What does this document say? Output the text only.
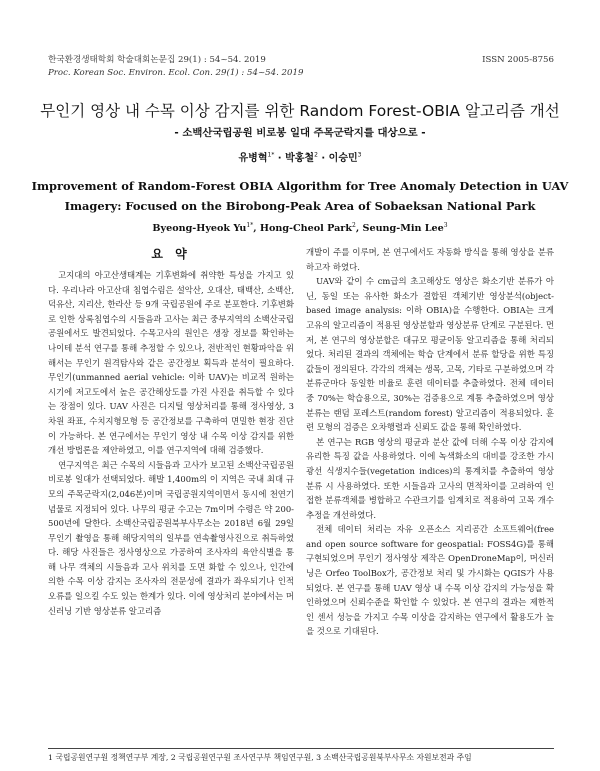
한국환경생태학회 학술대회논문집 29(1) : 54~54. 2019
Proc. Korean Soc. Environ. Ecol. Con. 29(1) : 54~54. 2019
ISSN 2005-8756
무인기 영상 내 수목 이상 감지를 위한 Random Forest-OBIA 알고리즘 개선
- 소백산국립공원 비로봉 일대 주목군락지를 대상으로 -
유병혁$^{1*}$ · 박홍철$^2$ · 이승민$^3$
Improvement of Random-Forest OBIA Algorithm for Tree Anomaly Detection in UAV
Imagery: Focused on the Birobong-Peak Area of Sobaeksan National Park
Byeong-Hyeok $Yu^{1*}$, Hong-Cheol Park$^2$, Seung-Min Lee$^3$
요 약

고지대의 아고산생태계는 기후변화에 취약한 특성을 가지고 있다. 우리나라 아고산대 침엽수림은 설악산, 오대산, 태백산, 소백산, 덕유산, 지리산, 한라산 등 9개 국립공원에 주로 분포한다. 기후변화로 인한 상록침엽수의 시들음과 고사는 최근 중부지역의 소백산국립공원에서도 발견되었다. 수목고사의 원인은 생장 정보를 확인하는 나이테 분석 연구를 통해 추정할 수 있으나, 전반적인 현황파악을 위해서는 무인기 원격탐사와 같은 공간정보 획득과 분석이 필요하다. 무인기(unmanned aerial vehicle: 이하 UAV)는 비교적 원하는 시기에 저고도에서 높은 공간해상도를 가진 사진을 취득할 수 있다는 장점이 있다. UAV 사진은 디지털 영상처리를 통해 정사영상, 3차원 좌표, 수치지형모형 등 공간정보를 구축하여 면밀한 현장 진단이 가능하다. 본 연구에서는 무인기 영상 내 수목 이상 감지를 위한 개선 방법론을 제안하였고, 이를 연구지역에 대해 검증했다.

연구지역은 최근 수목의 시들음과 고사가 보고된 소백산국립공원 비로봉 일대가 선택되었다. 해발 1,400m의 이 지역은 국내 최대 규모의 주목군락지(2,046본)이며 국립공원지역이면서 동시에 천연기념물로 지정되어 있다. 나무의 평균 수고는 7m이며 수령은 약 200-500년에 달한다. 소백산국립공원북부사무소는 2018년 6월 29일 무인기 촬영을 통해 해당지역의 일부를 연속촬영사진으로 취득하였다. 해당 사진들은 정사영상으로 가공하여 조사자의 육안식별을 통해 나무 객체의 시들음과 고사 위치를 도면 화할 수 있으나, 인간에 의한 수목 이상 감지는 조사자의 전문성에 결과가 좌우되기나 인적오류를 일으킬 수도 있는 한계가 있다. 이에 영상처리 분야에서는 머신러닝 기반 영상분류 알고리즘

개발이 주를 이루며, 본 연구에서도 자동화 방식을 통해 영상을 분류하고자 하였다.

UAV와 같이 수 cm급의 초고해상도 영상은 화소기반 분류가 아닌, 동일 또는 유사한 화소가 결합된 객체기반 영상분석(object-based image analysis: 이하 OBIA)을 수행한다. OBIA는 크게 고유의 알고리즘이 적용된 영상분할과 영상분류 단계로 구분된다. 먼저, 본 연구의 영상분할은 대규모 평균이동 알고리즘을 통해 처리되었다. 처리된 결과의 객체에는 학습 단계에서 분류 할당을 위한 특징 값들이 정의된다. 각각의 객체는 생목, 고목, 기타로 구분하였으며 각 분류군마다 동일한 비율로 훈련 데이터를 추출하였다. 전체 데이터 중 70%는 학습용으로, 30%는 검증용으로 계통 추출하였으며 영상 분류는 랜덤 포레스트(random forest) 알고리즘이 적용되었다. 훈련 모형의 검증은 오차행렬과 신뢰도 값을 통해 확인하였다.

본 연구는 RGB 영상의 평균과 분산 값에 더해 수목 이상 감지에 유리한 특징 값을 사용하였다. 이에 녹색화소의 대비를 강조한 가시광선 식생지수들(vegetation indices)의 통계치를 추출하여 영상분류 시 사용하였다. 또한 시들음과 고사의 면적차이를 고려하여 인접한 분류객체를 병합하고 수관크기를 임계치로 적용하여 고목 개수 추정을 개선하였다.

전체 데이터 처리는 자유 오픈소스 지리공간 소프트웨어(free and open source software for geospatial: FOSS4G)를 통해 구현되었으며 무인기 정사영상 제작은 OpenDroneMap이, 머신러닝은 Orfeo ToolBox가, 공간정보 처리 및 가시화는 QGIS가 사용되었다. 본 연구를 통해 UAV 영상 내 수목 이상 감지의 가능성을 확인하였으며 신뢰수준을 확인할 수 있었다. 본 연구의 결과는 제한적인 센서 성능을 가지고 수목 이상을 감지하는 연구에서 활용도가 높을 것으로 기대된다.

1 국립공원연구원 정책연구부 계장, 2 국립공원연구원 조사연구부 책임연구원, 3 소백산국립공원북부사무소 자원보전과 주임
